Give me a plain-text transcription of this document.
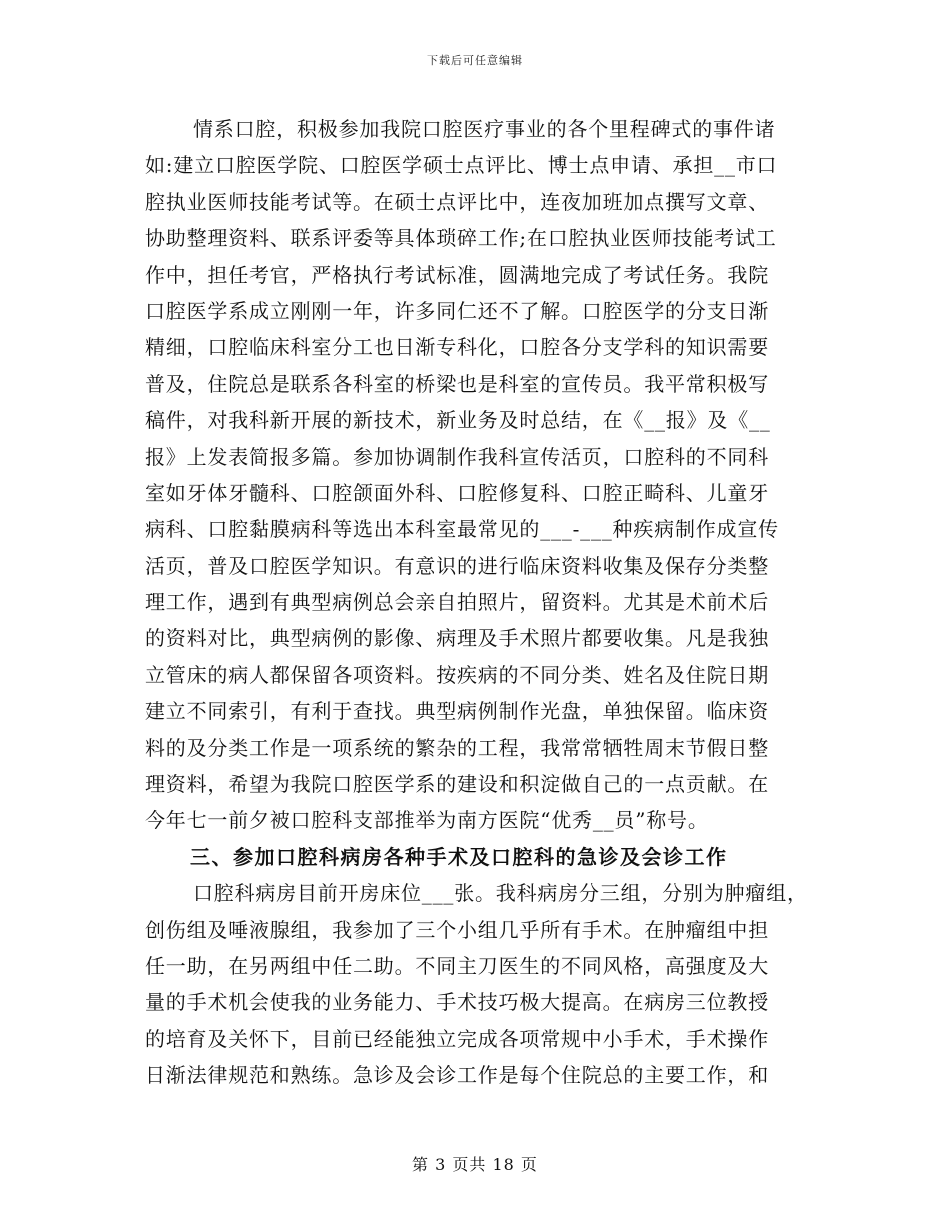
下载后可任意编辑
情系口腔，积极参加我院口腔医疗事业的各个里程碑式的事件诸
如:建立口腔医学院、口腔医学硕士点评比、博士点申请、承担__市口
腔执业医师技能考试等。在硕士点评比中，连夜加班加点撰写文章、
协助整理资料、联系评委等具体琐碎工作;在口腔执业医师技能考试工
作中，担任考官，严格执行考试标准，圆满地完成了考试任务。我院
口腔医学系成立刚刚一年，许多同仁还不了解。口腔医学的分支日渐
精细，口腔临床科室分工也日渐专科化，口腔各分支学科的知识需要
普及，住院总是联系各科室的桥梁也是科室的宣传员。我平常积极写
稿件，对我科新开展的新技术，新业务及时总结，在《__报》及《__
报》上发表简报多篇。参加协调制作我科宣传活页，口腔科的不同科
室如牙体牙髓科、口腔颌面外科、口腔修复科、口腔正畸科、儿童牙
病科、口腔黏膜病科等选出本科室最常见的___-___种疾病制作成宣传
活页，普及口腔医学知识。有意识的进行临床资料收集及保存分类整
理工作，遇到有典型病例总会亲自拍照片，留资料。尤其是术前术后
的资料对比，典型病例的影像、病理及手术照片都要收集。凡是我独
立管床的病人都保留各项资料。按疾病的不同分类、姓名及住院日期
建立不同索引，有利于查找。典型病例制作光盘，单独保留。临床资
料的及分类工作是一项系统的繁杂的工程，我常常牺牲周末节假日整
理资料，希望为我院口腔医学系的建设和积淀做自己的一点贡献。在
今年七一前夕被口腔科支部推举为南方医院“优秀__员”称号。
三、参加口腔科病房各种手术及口腔科的急诊及会诊工作
口腔科病房目前开房床位___张。我科病房分三组，分别为肿瘤组，
创伤组及唾液腺组，我参加了三个小组几乎所有手术。在肿瘤组中担
任一助，在另两组中任二助。不同主刀医生的不同风格，高强度及大
量的手术机会使我的业务能力、手术技巧极大提高。在病房三位教授
的培育及关怀下，目前已经能独立完成各项常规中小手术，手术操作
日渐法律规范和熟练。急诊及会诊工作是每个住院总的主要工作，和
第 3 页共 18 页
